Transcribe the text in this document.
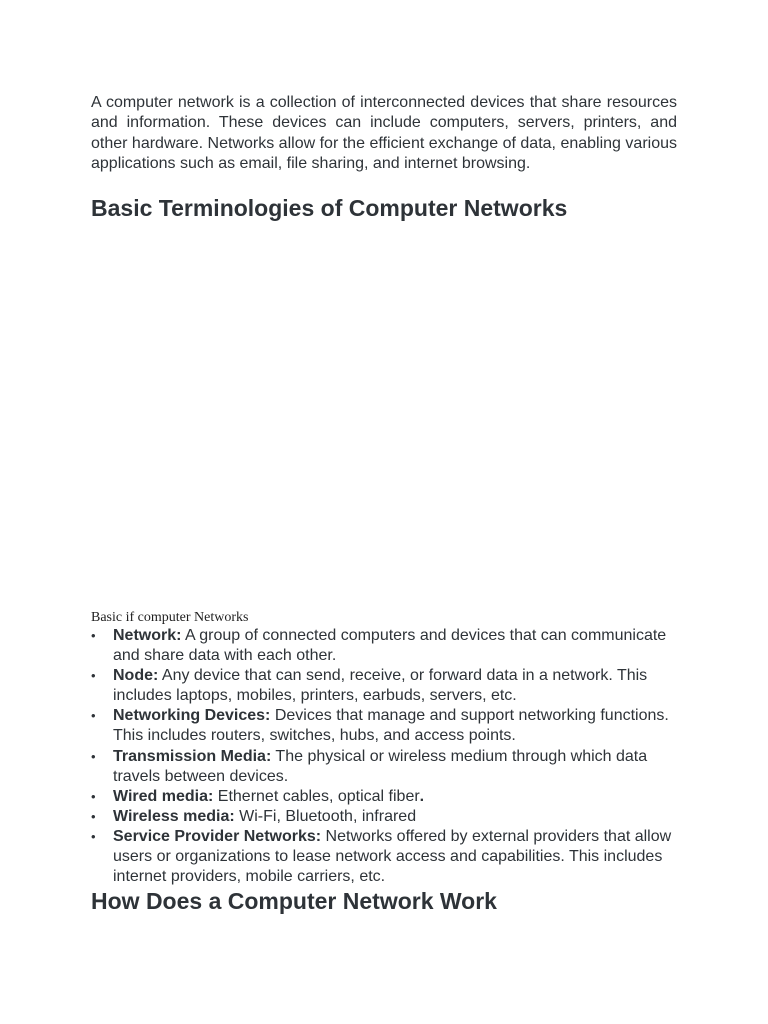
A computer network is a collection of interconnected devices that share resources and information. These devices can include computers, servers, printers, and other hardware. Networks allow for the efficient exchange of data, enabling various applications such as email, file sharing, and internet browsing.

Basic Terminologies of Computer Networks

Basic if computer Networks

•	Network: A group of connected computers and devices that can communicate and share data with each other.
•	Node: Any device that can send, receive, or forward data in a network. This includes laptops, mobiles, printers, earbuds, servers, etc.
•	Networking Devices: Devices that manage and support networking functions. This includes routers, switches, hubs, and access points.
•	Transmission Media: The physical or wireless medium through which data travels between devices.
•	Wired media: Ethernet cables, optical fiber.
•	Wireless media: Wi-Fi, Bluetooth, infrared
•	Service Provider Networks: Networks offered by external providers that allow users or organizations to lease network access and capabilities. This includes internet providers, mobile carriers, etc.
How Does a Computer Network Work
